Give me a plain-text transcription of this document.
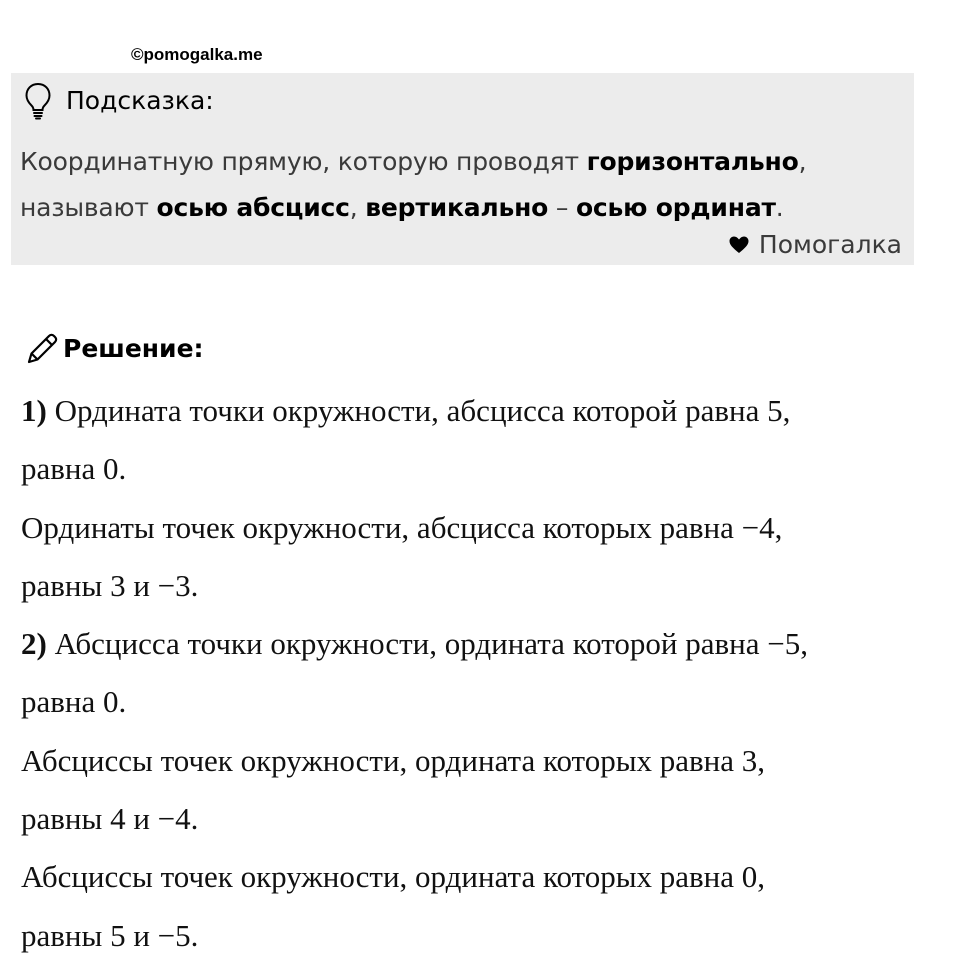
©pomogalka.me
Подсказка:
Координатную прямую, которую проводят горизонтально,
называют осью абсцисс, вертикально – осью ординат.
Помогалка
Решение:
1) Ордината точки окружности, абсцисса которой равна 5,
равна 0.
Ординаты точек окружности, абсцисса которых равна −4,
равны 3 и −3.
2) Абсцисса точки окружности, ордината которой равна −5,
равна 0.
Абсциссы точек окружности, ордината которых равна 3,
равны 4 и −4.
Абсциссы точек окружности, ордината которых равна 0,
равны 5 и −5.
